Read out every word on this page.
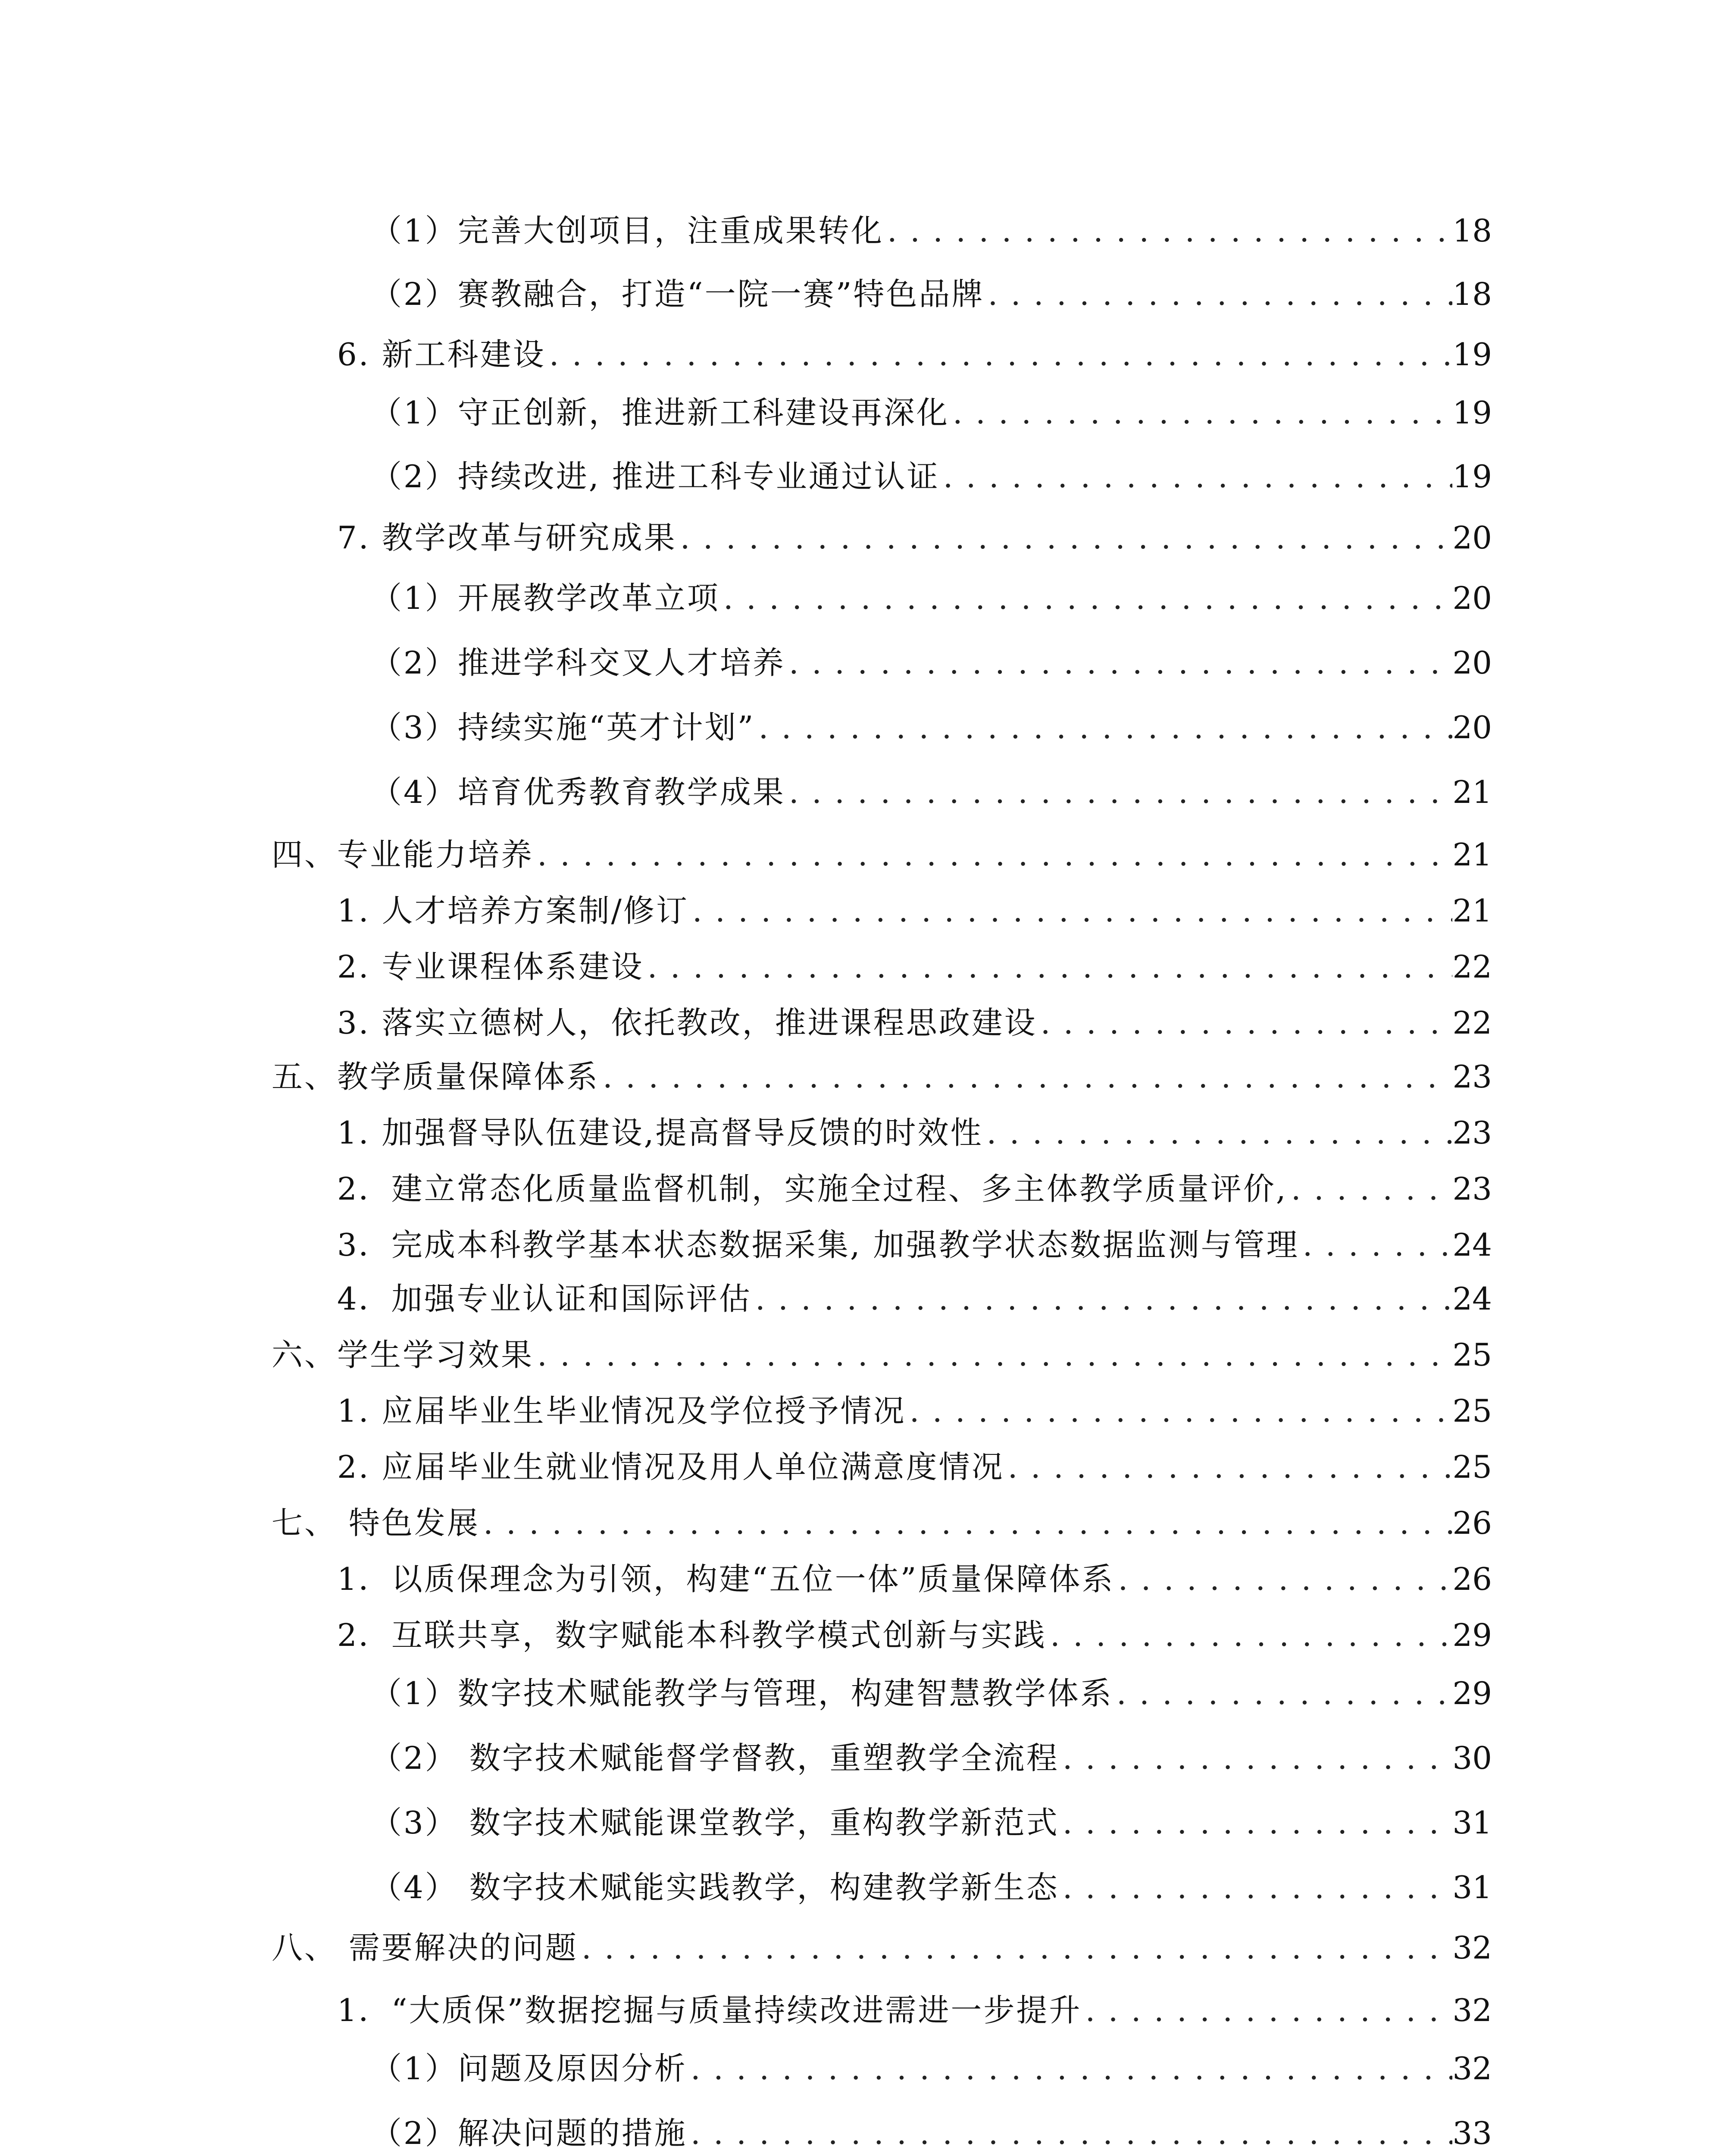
（1）完善大创项目，注重成果转化 .....	18
（2）赛教融合，打造“一院一赛”特色品牌 .....	18
6. 新工科建设 .....	19
（1）守正创新，推进新工科建设再深化 .....	19
（2）持续改进, 推进工科专业通过认证 .....	19
7. 教学改革与研究成果 .....	20
（1）开展教学改革立项 .....	20
（2）推进学科交叉人才培养 .....	20
（3）持续实施“英才计划” .....	20
（4）培育优秀教育教学成果 .....	21
四、专业能力培养 .....	21
1. 人才培养方案制/修订 .....	21
2. 专业课程体系建设 .....	22
3. 落实立德树人，依托教改，推进课程思政建设 .....	22
五、教学质量保障体系 .....	23
1. 加强督导队伍建设,提高督导反馈的时效性 .....	23
2．建立常态化质量监督机制，实施全过程、多主体教学质量评价, .....	23
3．完成本科教学基本状态数据采集, 加强教学状态数据监测与管理 .....	24
4．加强专业认证和国际评估 .....	24
六、学生学习效果 .....	25
1. 应届毕业生毕业情况及学位授予情况 .....	25
2. 应届毕业生就业情况及用人单位满意度情况 .....	25
七、 特色发展 .....	26
1．以质保理念为引领，构建“五位一体”质量保障体系 .....	26
2．互联共享，数字赋能本科教学模式创新与实践 .....	29
（1）数字技术赋能教学与管理，构建智慧教学体系 .....	29
（2） 数字技术赋能督学督教，重塑教学全流程 .....	30
（3） 数字技术赋能课堂教学，重构教学新范式 .....	31
（4） 数字技术赋能实践教学，构建教学新生态 .....	31
八、 需要解决的问题 .....	32
1．“大质保”数据挖掘与质量持续改进需进一步提升 .....	32
（1）问题及原因分析 .....	32
（2）解决问题的措施 .....	33
